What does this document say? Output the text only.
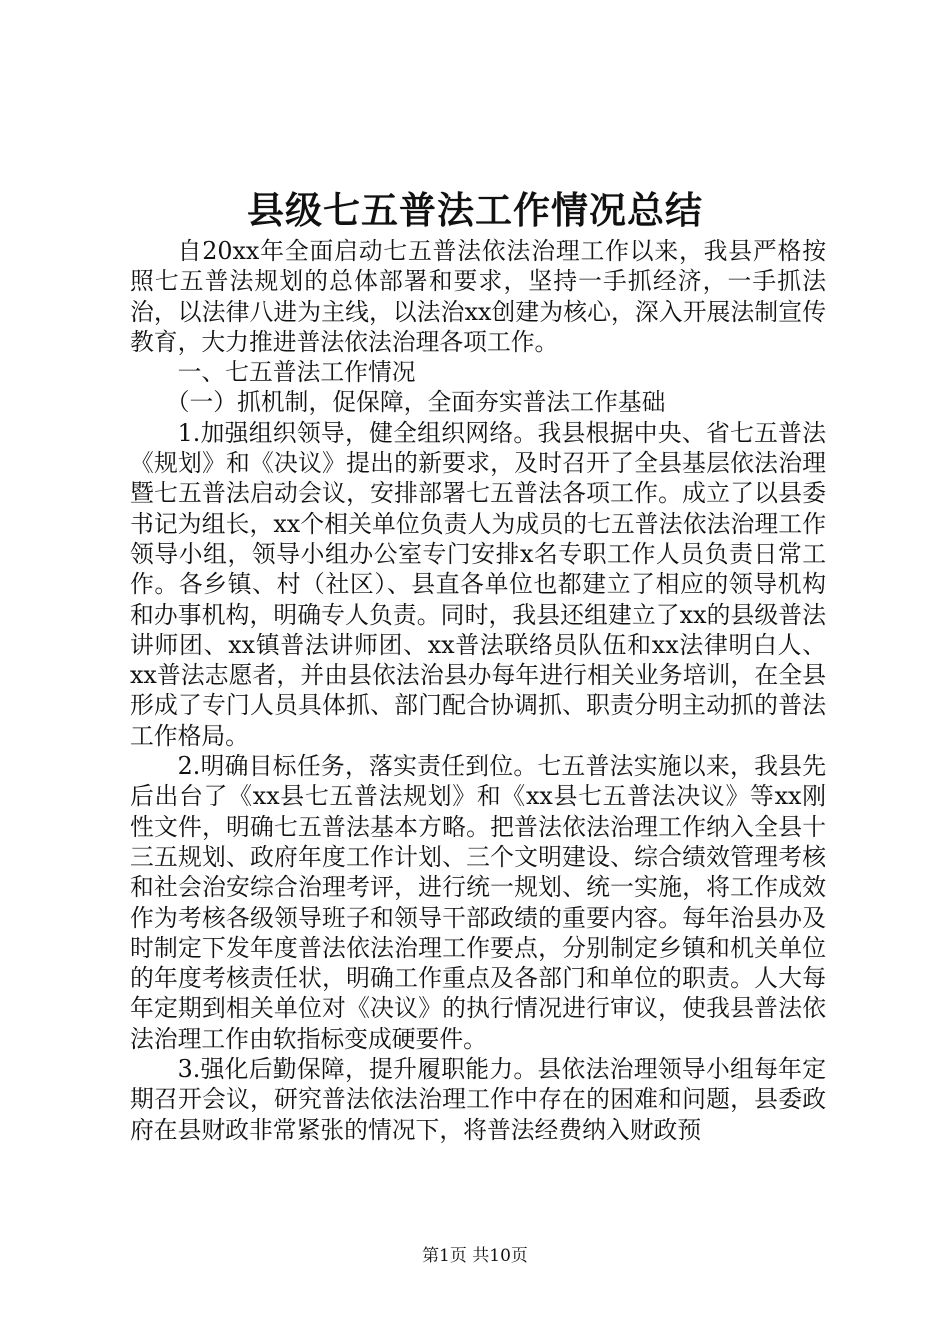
县级七五普法工作情况总结

自20xx年全面启动七五普法依法治理工作以来，我县严格按照七五普法规划的总体部署和要求，坚持一手抓经济，一手抓法治，以法律八进为主线，以法治xx创建为核心，深入开展法制宣传教育，大力推进普法依法治理各项工作。

一、七五普法工作情况

（一）抓机制，促保障，全面夯实普法工作基础

1.加强组织领导，健全组织网络。我县根据中央、省七五普法《规划》和《决议》提出的新要求，及时召开了全县基层依法治理暨七五普法启动会议，安排部署七五普法各项工作。成立了以县委书记为组长，xx个相关单位负责人为成员的七五普法依法治理工作领导小组，领导小组办公室专门安排x名专职工作人员负责日常工作。各乡镇、村（社区）、县直各单位也都建立了相应的领导机构和办事机构，明确专人负责。同时，我县还组建立了xx的县级普法讲师团、xx镇普法讲师团、xx普法联络员队伍和xx法律明白人、xx普法志愿者，并由县依法治县办每年进行相关业务培训，在全县形成了专门人员具体抓、部门配合协调抓、职责分明主动抓的普法工作格局。

2.明确目标任务，落实责任到位。七五普法实施以来，我县先后出台了《xx县七五普法规划》和《xx县七五普法决议》等xx刚性文件，明确七五普法基本方略。把普法依法治理工作纳入全县十三五规划、政府年度工作计划、三个文明建设、综合绩效管理考核和社会治安综合治理考评，进行统一规划、统一实施，将工作成效作为考核各级领导班子和领导干部政绩的重要内容。每年治县办及时制定下发年度普法依法治理工作要点，分别制定乡镇和机关单位的年度考核责任状，明确工作重点及各部门和单位的职责。人大每年定期到相关单位对《决议》的执行情况进行审议，使我县普法依法治理工作由软指标变成硬要件。

3.强化后勤保障，提升履职能力。县依法治理领导小组每年定期召开会议，研究普法依法治理工作中存在的困难和问题，县委政府在县财政非常紧张的情况下，将普法经费纳入财政预

第1页 共10页
